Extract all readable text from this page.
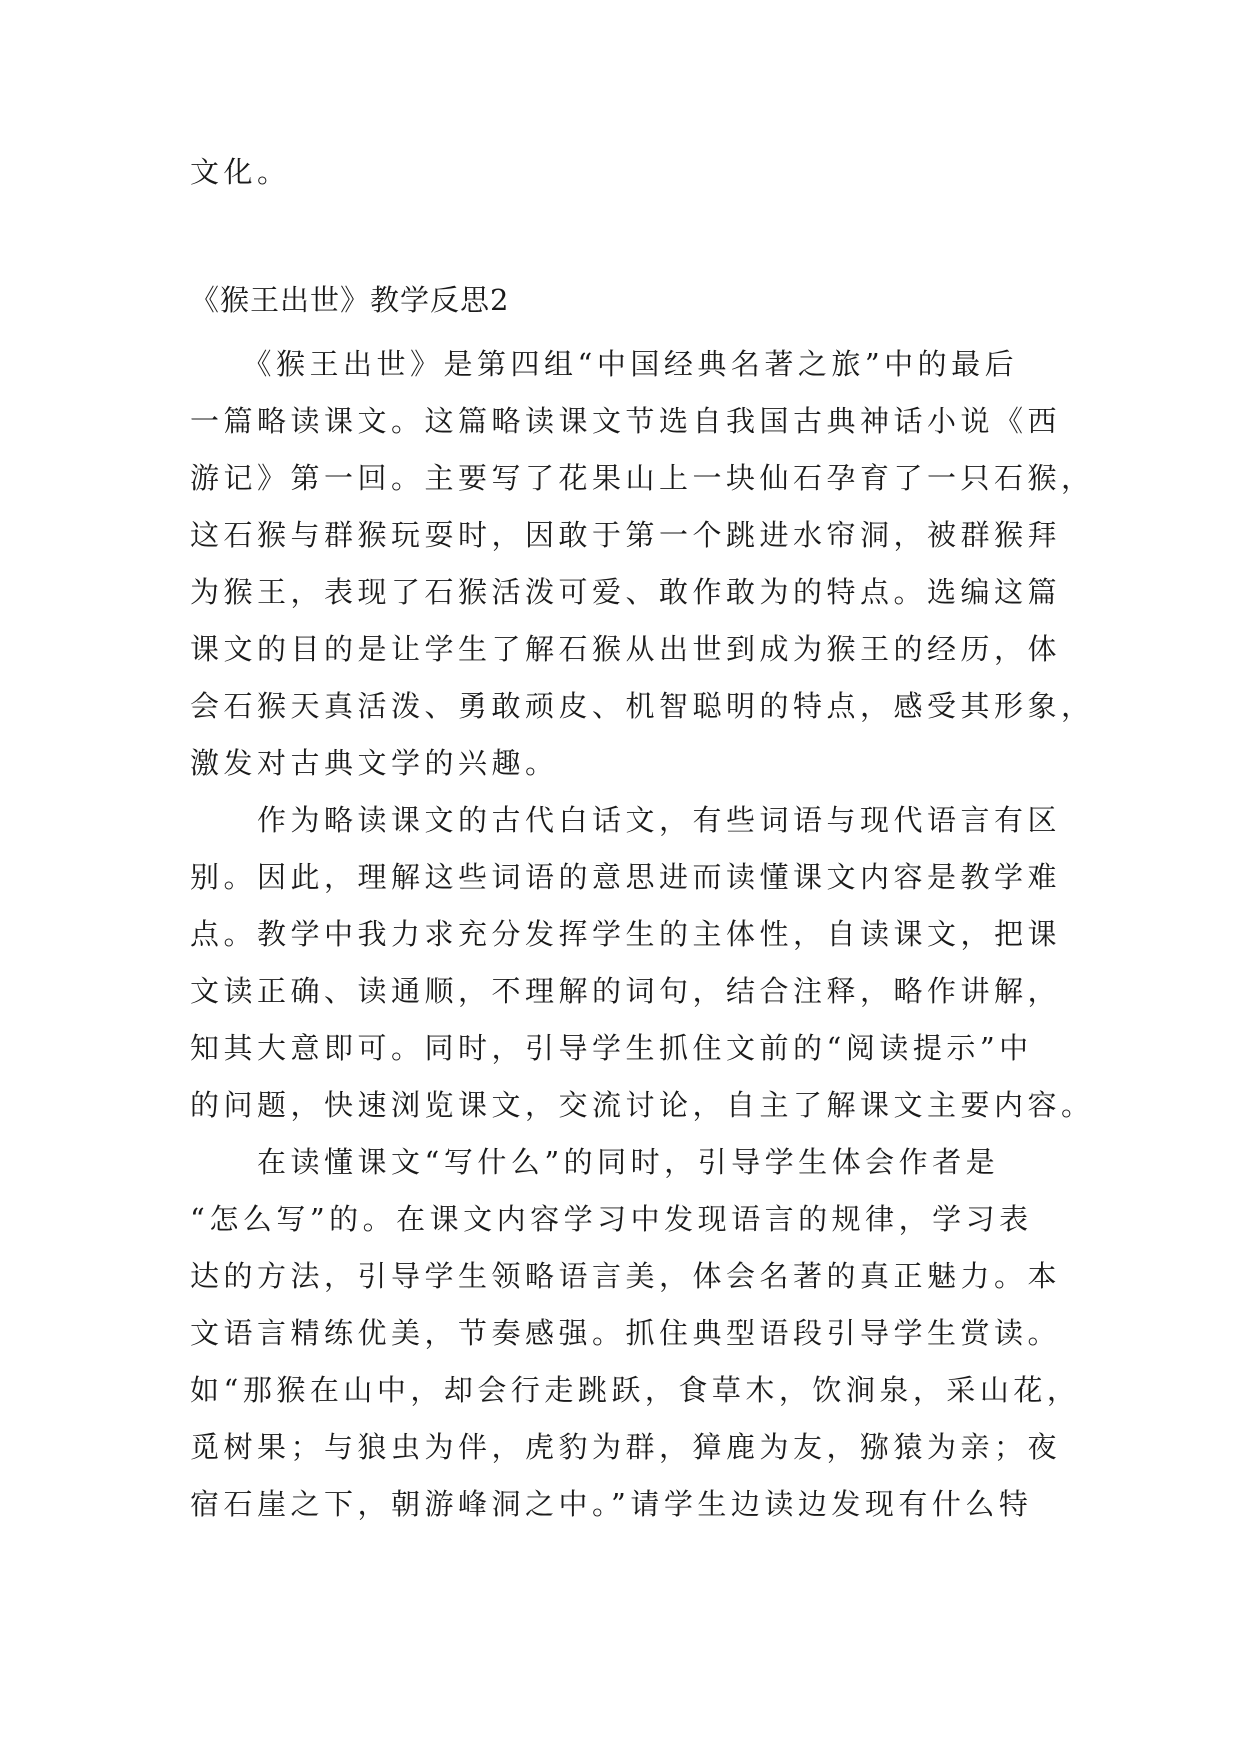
文化。
《猴王出世》教学反思2
　　《猴王出世》是第四组“中国经典名著之旅”中的最后
一篇略读课文。这篇略读课文节选自我国古典神话小说《西
游记》第一回。主要写了花果山上一块仙石孕育了一只石猴，
这石猴与群猴玩耍时，因敢于第一个跳进水帘洞，被群猴拜
为猴王，表现了石猴活泼可爱、敢作敢为的特点。选编这篇
课文的目的是让学生了解石猴从出世到成为猴王的经历，体
会石猴天真活泼、勇敢顽皮、机智聪明的特点，感受其形象，
激发对古典文学的兴趣。
　　作为略读课文的古代白话文，有些词语与现代语言有区
别。因此，理解这些词语的意思进而读懂课文内容是教学难
点。教学中我力求充分发挥学生的主体性，自读课文，把课
文读正确、读通顺，不理解的词句，结合注释，略作讲解，
知其大意即可。同时，引导学生抓住文前的“阅读提示”中
的问题，快速浏览课文，交流讨论，自主了解课文主要内容。
　　在读懂课文“写什么”的同时，引导学生体会作者是
“怎么写”的。在课文内容学习中发现语言的规律，学习表
达的方法，引导学生领略语言美，体会名著的真正魅力。本
文语言精练优美，节奏感强。抓住典型语段引导学生赏读。
如“那猴在山中，却会行走跳跃，食草木，饮涧泉，采山花，
觅树果；与狼虫为伴，虎豹为群，獐鹿为友，猕猿为亲；夜
宿石崖之下，朝游峰洞之中。”请学生边读边发现有什么特
